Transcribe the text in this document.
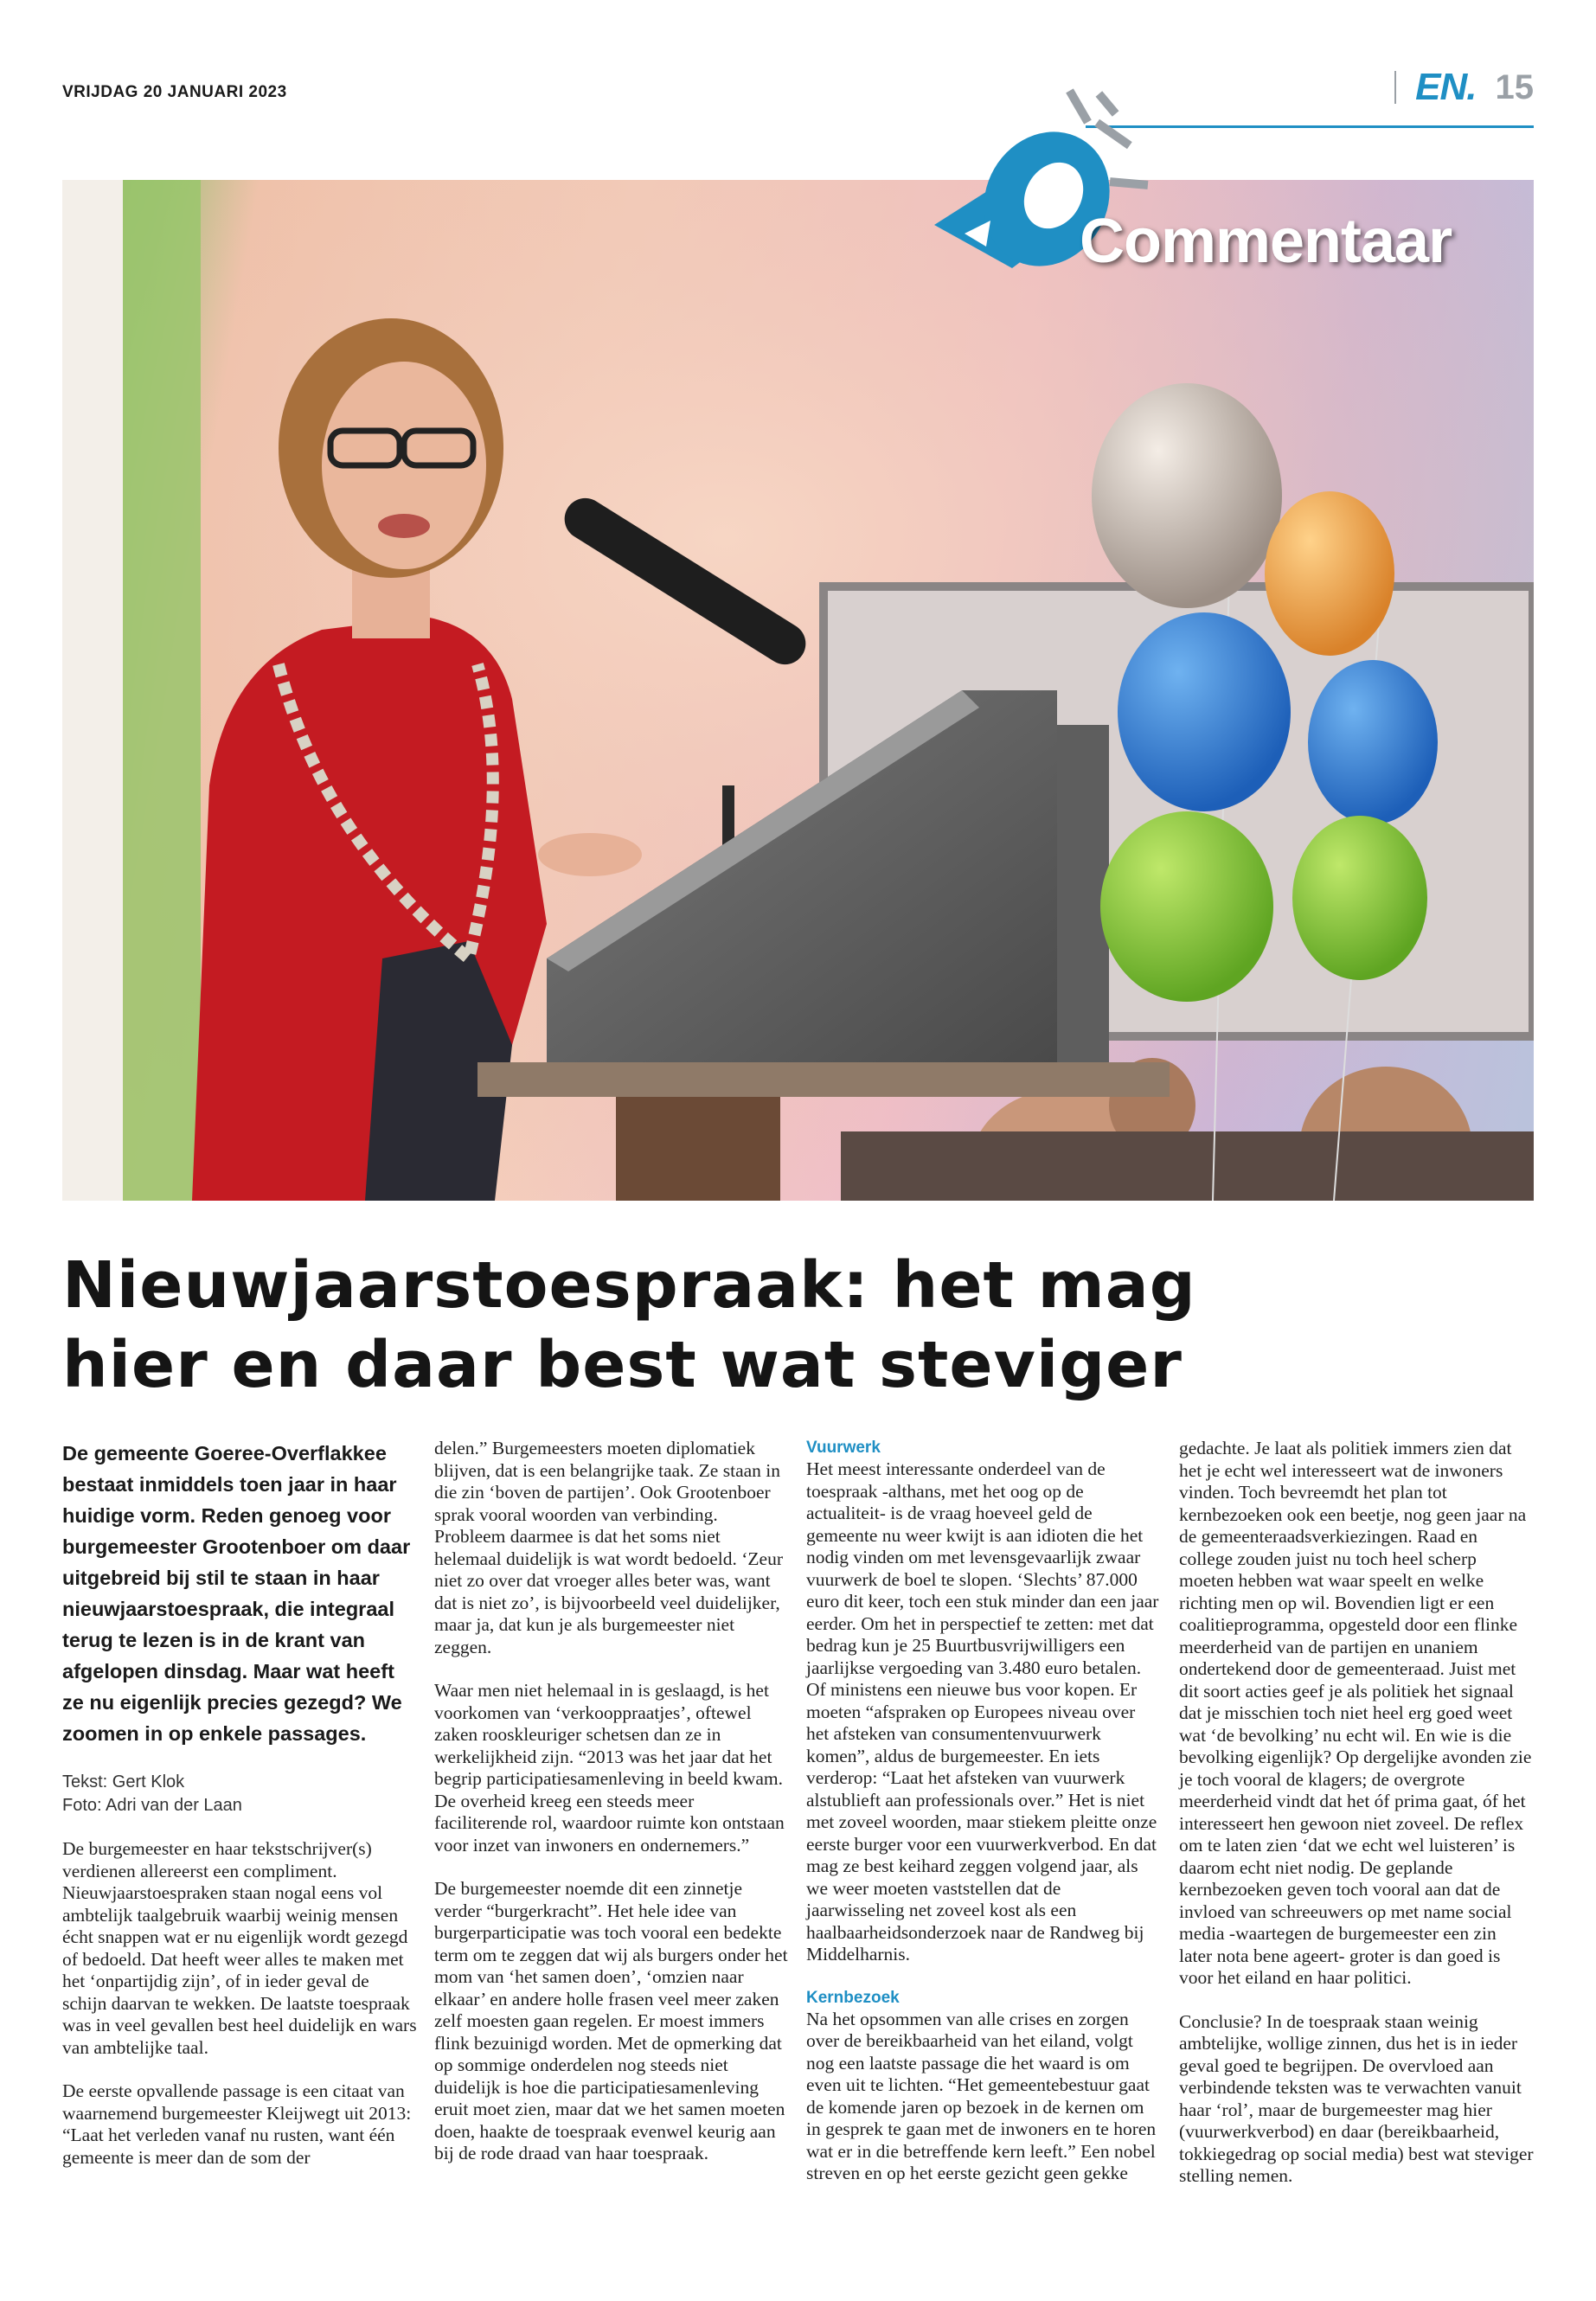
VRIJDAG 20 JANUARI 2023	EN. 15
Commentaar
Nieuwjaarstoespraak: het mag hier en daar best wat steviger

De gemeente Goeree-Overflakkee bestaat inmiddels toen jaar in haar huidige vorm. Reden genoeg voor burgemeester Grootenboer om daar uitgebreid bij stil te staan in haar nieuwjaarstoespraak, die integraal terug te lezen is in de krant van afgelopen dinsdag. Maar wat heeft ze nu eigenlijk precies gezegd? We zoomen in op enkele passages.

Tekst: Gert Klok
Foto: Adri van der Laan

De burgemeester en haar tekstschrijver(s) verdienen allereerst een compliment. Nieuwjaarstoespraken staan nogal eens vol ambtelijk taalgebruik waarbij weinig mensen écht snappen wat er nu eigenlijk wordt gezegd of bedoeld. Dat heeft weer alles te maken met het ‘onpartijdig zijn’, of in ieder geval de schijn daarvan te wekken. De laatste toespraak was in veel gevallen best heel duidelijk en wars van ambtelijke taal.

De eerste opvallende passage is een citaat van waarnemend burgemeester Kleijwegt uit 2013: “Laat het verleden vanaf nu rusten, want één gemeente is meer dan de som der

delen.” Burgemeesters moeten diplomatiek blijven, dat is een belangrijke taak. Ze staan in die zin ‘boven de partijen’. Ook Grootenboer sprak vooral woorden van verbinding. Probleem daarmee is dat het soms niet helemaal duidelijk is wat wordt bedoeld. ‘Zeur niet zo over dat vroeger alles beter was, want dat is niet zo’, is bijvoorbeeld veel duidelijker, maar ja, dat kun je als burgemeester niet zeggen.

Waar men niet helemaal in is geslaagd, is het voorkomen van ‘verkooppraatjes’, oftewel zaken rooskleuriger schetsen dan ze in werkelijkheid zijn. “2013 was het jaar dat het begrip participatiesamenleving in beeld kwam. De overheid kreeg een steeds meer faciliterende rol, waardoor ruimte kon ontstaan voor inzet van inwoners en ondernemers.”

De burgemeester noemde dit een zinnetje verder “burgerkracht”. Het hele idee van burgerparticipatie was toch vooral een bedekte term om te zeggen dat wij als burgers onder het mom van ‘het samen doen’, ‘omzien naar elkaar’ en andere holle frasen veel meer zaken zelf moesten gaan regelen. Er moest immers flink bezuinigd worden. Met de opmerking dat op sommige onderdelen nog steeds niet duidelijk is hoe die participatiesamenleving eruit moet zien, maar dat we het samen moeten doen, haakte de toespraak evenwel keurig aan bij de rode draad van haar toespraak.

Vuurwerk

Het meest interessante onderdeel van de toespraak -althans, met het oog op de actualiteit- is de vraag hoeveel geld de gemeente nu weer kwijt is aan idioten die het nodig vinden om met levensgevaarlijk zwaar vuurwerk de boel te slopen. ‘Slechts’ 87.000 euro dit keer, toch een stuk minder dan een jaar eerder. Om het in perspectief te zetten: met dat bedrag kun je 25 Buurtbusvrijwilligers een jaarlijkse vergoeding van 3.480 euro betalen. Of ministens een nieuwe bus voor kopen. Er moeten “afspraken op Europees niveau over het afsteken van consumentenvuurwerk komen”, aldus de burgemeester. En iets verderop: “Laat het afsteken van vuurwerk alstublieft aan professionals over.” Het is niet met zoveel woorden, maar stiekem pleitte onze eerste burger voor een vuurwerkverbod. En dat mag ze best keihard zeggen volgend jaar, als we weer moeten vaststellen dat de jaarwisseling net zoveel kost als een haalbaarheidsonderzoek naar de Randweg bij Middelharnis.

Kernbezoek

Na het opsommen van alle crises en zorgen over de bereikbaarheid van het eiland, volgt nog een laatste passage die het waard is om even uit te lichten. “Het gemeentebestuur gaat de komende jaren op bezoek in de kernen om in gesprek te gaan met de inwoners en te horen wat er in die betreffende kern leeft.” Een nobel streven en op het eerste gezicht geen gekke

gedachte. Je laat als politiek immers zien dat het je echt wel interesseert wat de inwoners vinden. Toch bevreemdt het plan tot kernbezoeken ook een beetje, nog geen jaar na de gemeenteraadsverkiezingen. Raad en college zouden juist nu toch heel scherp moeten hebben wat waar speelt en welke richting men op wil. Bovendien ligt er een coalitieprogramma, opgesteld door een flinke meerderheid van de partijen en unaniem ondertekend door de gemeenteraad. Juist met dit soort acties geef je als politiek het signaal dat je misschien toch niet heel erg goed weet wat ‘de bevolking’ nu echt wil. En wie is die bevolking eigenlijk? Op dergelijke avonden zie je toch vooral de klagers; de overgrote meerderheid vindt dat het óf prima gaat, óf het interesseert hen gewoon niet zoveel. De reflex om te laten zien ‘dat we echt wel luisteren’ is daarom echt niet nodig. De geplande kernbezoeken geven toch vooral aan dat de invloed van schreeuwers op met name social media -waartegen de burgemeester een zin later nota bene ageert- groter is dan goed is voor het eiland en haar politici.

Conclusie? In de toespraak staan weinig ambtelijke, wollige zinnen, dus het is in ieder geval goed te begrijpen. De overvloed aan verbindende teksten was te verwachten vanuit haar ‘rol’, maar de burgemeester mag hier (vuurwerkverbod) en daar (bereikbaarheid, tokkiegedrag op social media) best wat steviger stelling nemen.
